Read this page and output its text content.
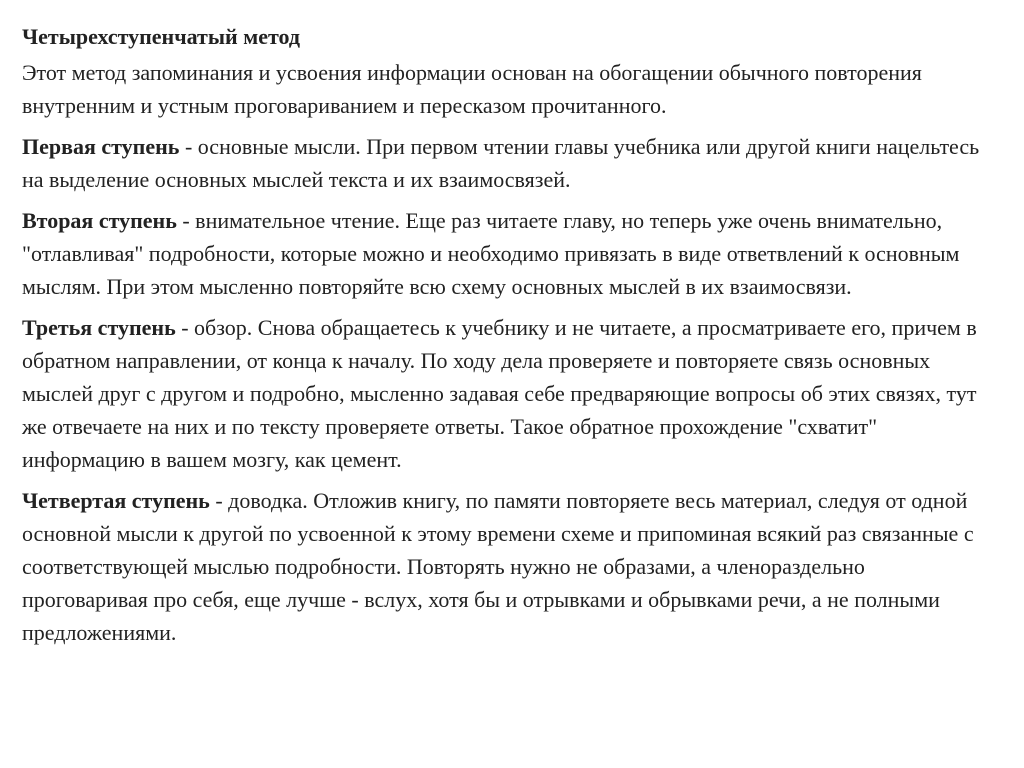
Четырехступенчатый метод

Этот метод запоминания и усвоения информации основан на обогащении обычного повторения внутренним и устным проговариванием и пересказом прочитанного.

Первая ступень - основные мысли. При первом чтении главы учебника или другой книги нацельтесь на выделение основных мыслей текста и их взаимосвязей.

Вторая ступень - внимательное чтение. Еще раз читаете главу, но теперь уже очень внимательно, "отлавливая" подробности, которые можно и необходимо привязать в виде ответвлений к основным мыслям. При этом мысленно повторяйте всю схему основных мыслей в их взаимосвязи.

Третья ступень - обзор. Снова обращаетесь к учебнику и не читаете, а просматриваете его, причем в обратном направлении, от конца к началу. По ходу дела проверяете и повторяете связь основных мыслей друг с другом и подробно, мысленно задавая себе предваряющие вопросы об этих связях, тут же отвечаете на них и по тексту проверяете ответы. Такое обратное прохождение "схватит" информацию в вашем мозгу, как цемент.

Четвертая ступень - доводка. Отложив книгу, по памяти повторяете весь материал, следуя от одной основной мысли к другой по усвоенной к этому времени схеме и припоминая всякий раз связанные с соответствующей мыслью подробности. Повторять нужно не образами, а членораздельно проговаривая про себя, еще лучше - вслух, хотя бы и отрывками и обрывками речи, а не полными предложениями.
